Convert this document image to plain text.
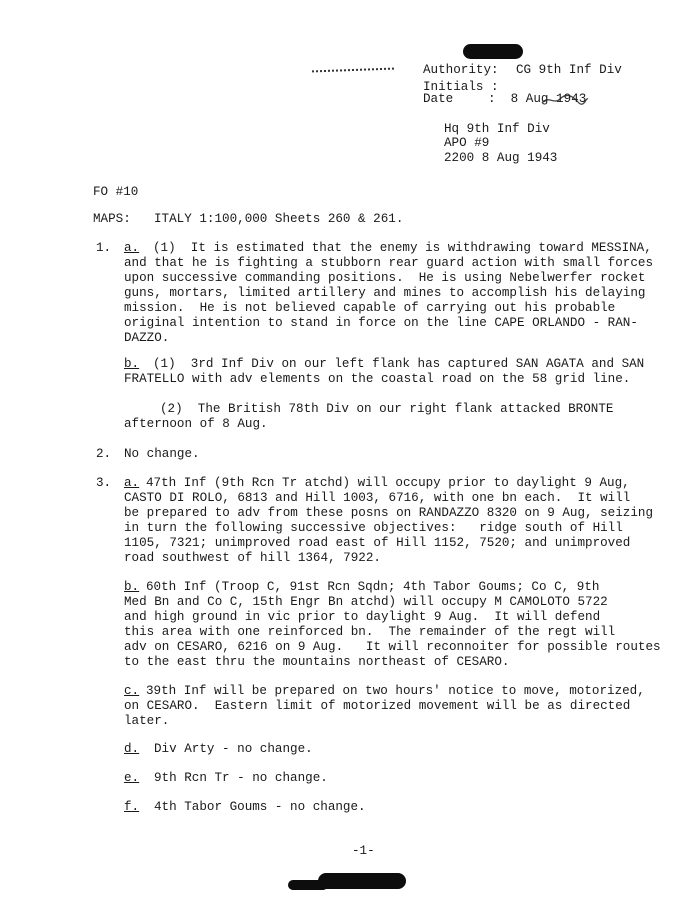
Authority: CG 9th Inf Div
Initials :

Date	:  8 Aug 1943
Hq 9th Inf Div
APO #9
2200 8 Aug 1943
FO #10
MAPS: ITALY 1:100,000 Sheets 260 & 261.
1. a. (1)  It is estimated that the enemy is withdrawing toward MESSINA,
and that he is fighting a stubborn rear guard action with small forces
upon successive commanding positions.  He is using Nebelwerfer rocket
guns, mortars, limited artillery and mines to accomplish his delaying
mission.  He is not believed capable of carrying out his probable
original intention to stand in force on the line CAPE ORLANDO - RAN-
DAZZO.
b. (1)  3rd Inf Div on our left flank has captured SAN AGATA and SAN
FRATELLO with adv elements on the coastal road on the 58 grid line.
(2)  The British 78th Div on our right flank attacked BRONTE
afternoon of 8 Aug.
2. No change.
3. a. 47th Inf (9th Rcn Tr atchd) will occupy prior to daylight 9 Aug,
CASTO DI ROLO, 6813 and Hill 1003, 6716, with one bn each.  It will
be prepared to adv from these posns on RANDAZZO 8320 on 9 Aug, seizing
in turn the following successive objectives:   ridge south of Hill
1105, 7321; unimproved road east of Hill 1152, 7520; and unimproved
road southwest of hill 1364, 7922.
b. 60th Inf (Troop C, 91st Rcn Sqdn; 4th Tabor Goums; Co C, 9th
Med Bn and Co C, 15th Engr Bn atchd) will occupy M CAMOLOTO 5722
and high ground in vic prior to daylight 9 Aug.  It will defend
this area with one reinforced bn.  The remainder of the regt will
adv on CESARO, 6216 on 9 Aug.   It will reconnoiter for possible routes
to the east thru the mountains northeast of CESARO.
c. 39th Inf will be prepared on two hours' notice to move, motorized,
on CESARO.  Eastern limit of motorized movement will be as directed
later.
d. Div Arty - no change.
e. 9th Rcn Tr - no change.
f. 4th Tabor Goums - no change.
-1-
